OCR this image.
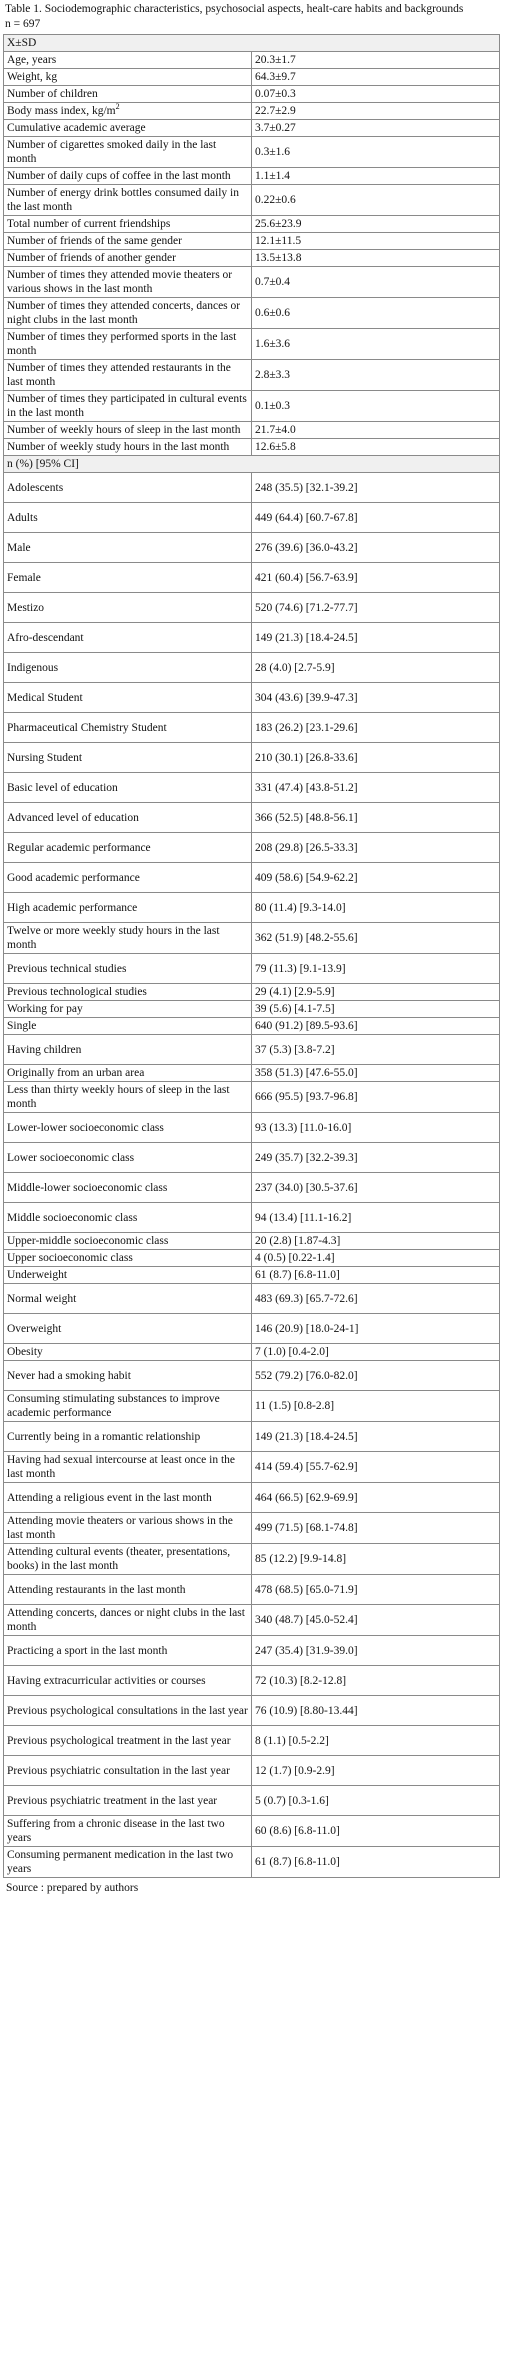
Table 1. Sociodemographic characteristics, psychosocial aspects, healt-care habits and backgrounds
n = 697
X±SD	
Age, years	20.3±1.7
Weight, kg	64.3±9.7
Number of children	0.07±0.3
Body mass index, $kg/m^2$	22.7±2.9
Cumulative academic average	3.7±0.27
Number of cigarettes smoked daily in the last month	0.3±1.6
Number of daily cups of coffee in the last month	1.1±1.4
Number of energy drink bottles consumed daily in the last month	0.22±0.6
Total number of current friendships	25.6±23.9
Number of friends of the same gender	12.1±11.5
Number of friends of another gender	13.5±13.8
Number of times they attended movie theaters or various shows in the last month	0.7±0.4
Number of times they attended concerts, dances or night clubs in the last month	0.6±0.6
Number of times they performed sports in the last month	1.6±3.6
Number of times they attended restaurants in the last month	2.8±3.3
Number of times they participated in cultural events in the last month	0.1±0.3
Number of weekly hours of sleep in the last month	21.7±4.0
Number of weekly study hours in the last month	12.6±5.8
n (%) [95% CI]	
Adolescents	248 (35.5) [32.1-39.2]
Adults	449 (64.4) [60.7-67.8]
Male	276 (39.6) [36.0-43.2]
Female	421 (60.4) [56.7-63.9]
Mestizo	520 (74.6) [71.2-77.7]
Afro-descendant	149 (21.3) [18.4-24.5]
Indigenous	28 (4.0) [2.7-5.9]
Medical Student	304 (43.6) [39.9-47.3]
Pharmaceutical Chemistry Student	183 (26.2) [23.1-29.6]
Nursing Student	210 (30.1) [26.8-33.6]
Basic level of education	331 (47.4) [43.8-51.2]
Advanced level of education	366 (52.5) [48.8-56.1]
Regular academic performance	208 (29.8) [26.5-33.3]
Good academic performance	409 (58.6) [54.9-62.2]
High academic performance	80 (11.4) [9.3-14.0]
Twelve or more weekly study hours in the last month	362 (51.9) [48.2-55.6]
Previous technical studies	79 (11.3) [9.1-13.9]
Previous technological studies	29 (4.1) [2.9-5.9]
Working for pay	39 (5.6) [4.1-7.5]
Single	640 (91.2) [89.5-93.6]
Having children	37 (5.3) [3.8-7.2]
Originally from an urban area	358 (51.3) [47.6-55.0]
Less than thirty weekly hours of sleep in the last month	666 (95.5) [93.7-96.8]
Lower-lower socioeconomic class	93 (13.3) [11.0-16.0]
Lower socioeconomic class	249 (35.7) [32.2-39.3]
Middle-lower socioeconomic class	237 (34.0) [30.5-37.6]
Middle socioeconomic class	94 (13.4) [11.1-16.2]
Upper-middle socioeconomic class	20 (2.8) [1.87-4.3]
Upper socioeconomic class	4 (0.5) [0.22-1.4]
Underweight	61 (8.7) [6.8-11.0]
Normal weight	483 (69.3) [65.7-72.6]
Overweight	146 (20.9) [18.0-24-1]
Obesity	7 (1.0) [0.4-2.0]
Never had a smoking habit	552 (79.2) [76.0-82.0]
Consuming stimulating substances to improve academic performance	11 (1.5) [0.8-2.8]
Currently being in a romantic relationship	149 (21.3) [18.4-24.5]
Having had sexual intercourse at least once in the last month	414 (59.4) [55.7-62.9]
Attending a religious event in the last month	464 (66.5) [62.9-69.9]
Attending movie theaters or various shows in the last month	499 (71.5) [68.1-74.8]
Attending cultural events (theater, presentations, books) in the last month	85 (12.2) [9.9-14.8]
Attending restaurants in the last month	478 (68.5) [65.0-71.9]
Attending concerts, dances or night clubs in the last month	340 (48.7) [45.0-52.4]
Practicing a sport in the last month	247 (35.4) [31.9-39.0]
Having extracurricular activities or courses	72 (10.3) [8.2-12.8]
Previous psychological consultations in the last year	76 (10.9) [8.80-13.44]
Previous psychological treatment in the last year	8 (1.1) [0.5-2.2]
Previous psychiatric consultation in the last year	12 (1.7) [0.9-2.9]
Previous psychiatric treatment in the last year	5 (0.7) [0.3-1.6]
Suffering from a chronic disease in the last two years	60 (8.6) [6.8-11.0]
Consuming permanent medication in the last two years	61 (8.7) [6.8-11.0]
Source : prepared by authors
